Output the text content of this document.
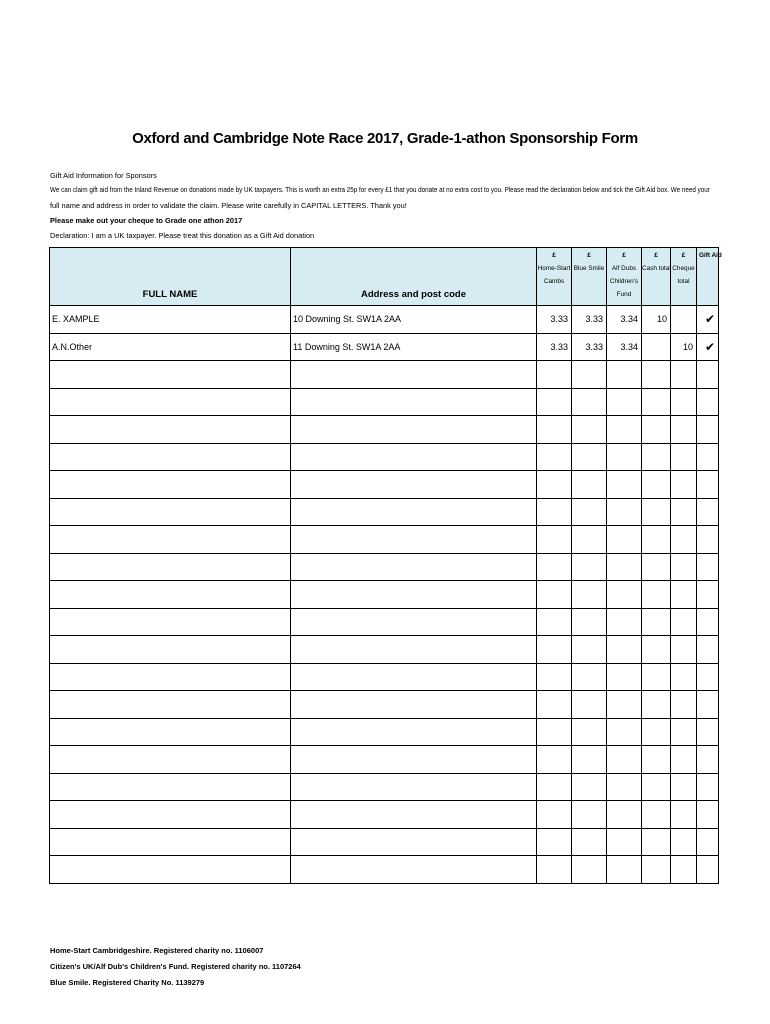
Oxford and Cambridge Note Race 2017, Grade-1-athon Sponsorship Form
Gift Aid Information for Sponsors
We can claim gift aid from the Inland Revenue on donations made by UK taxpayers. This is worth an extra 25p for every £1 that you donate at no extra cost to you. Please read the declaration below and tick the Gift Aid box. We need your
full name and address in order to validate the claim. Please write carefully in CAPITAL LETTERS. Thank you!
Please make out your cheque to Grade one athon 2017
Declaration: I am a UK taxpayer. Please treat this donation as a Gift Aid donation
FULL NAME	Address and post code	£
Home-Start
Cambs	£
Blue Smile	£
Alf Dubs
Children's
Fund	£
Cash total	£
Cheque
total	Gift Aid

E. XAMPLE	10 Downing St. SW1A 2AA	3.33	3.33	3.34	10		✔
A.N.Other	11 Downing St. SW1A 2AA	3.33	3.33	3.34		10	✔

Home-Start Cambridgeshire. Registered charity no. 1106007
Citizen's UK/Alf Dub's Children's Fund. Registered charity no. 1107264
Blue Smile. Registered Charity No. 1139279
